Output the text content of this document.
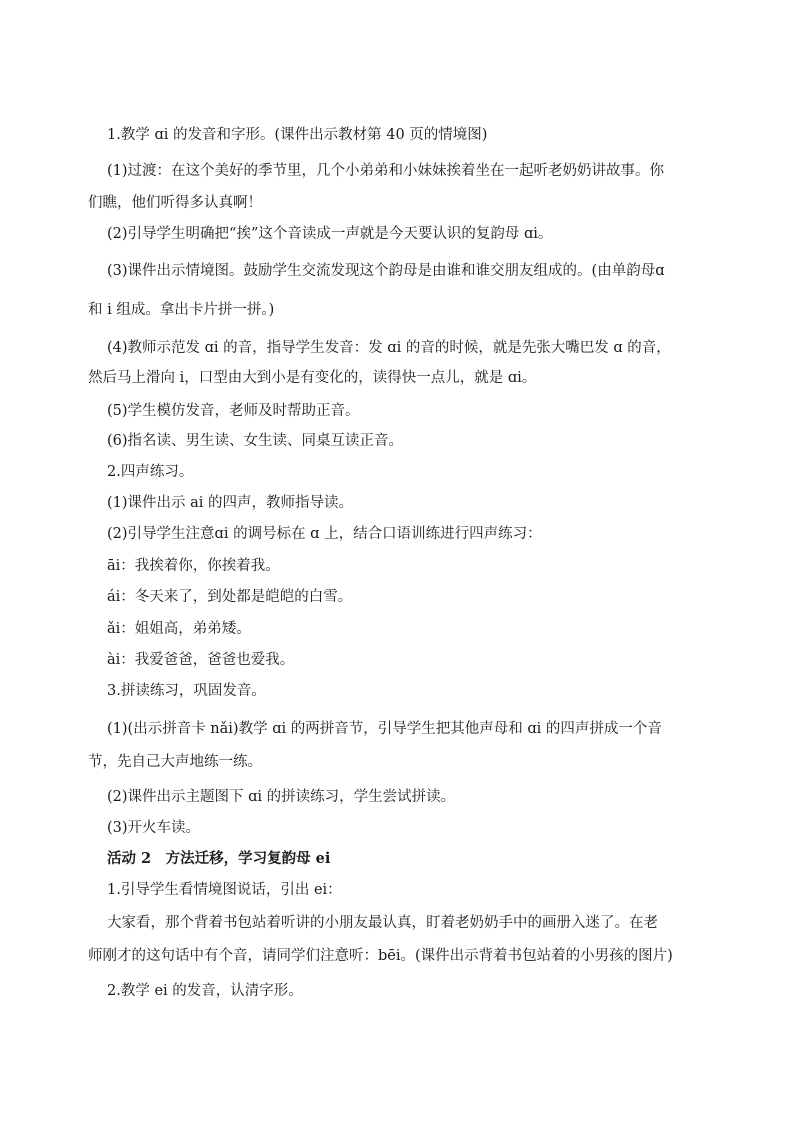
1.教学 ɑi 的发音和字形。(课件出示教材第 40 页的情境图)

(1)过渡：在这个美好的季节里，几个小弟弟和小妹妹挨着坐在一起听老奶奶讲故事。你

们瞧，他们听得多认真啊！

(2)引导学生明确把“挨”这个音读成一声就是今天要认识的复韵母 ɑi。

(3)课件出示情境图。鼓励学生交流发现这个韵母是由谁和谁交朋友组成的。(由单韵母ɑ

和 i 组成。拿出卡片拼一拼。)

(4)教师示范发 ɑi 的音，指导学生发音：发 ɑi 的音的时候，就是先张大嘴巴发 ɑ 的音，

然后马上滑向 i，口型由大到小是有变化的，读得快一点儿，就是 ɑi。

(5)学生模仿发音，老师及时帮助正音。

(6)指名读、男生读、女生读、同桌互读正音。

2.四声练习。

(1)课件出示 ai 的四声，教师指导读。

(2)引导学生注意ɑi 的调号标在 ɑ 上，结合口语训练进行四声练习：

āi：我挨着你，你挨着我。

ái：冬天来了，到处都是皑皑的白雪。

ǎi：姐姐高，弟弟矮。

ài：我爱爸爸，爸爸也爱我。

3.拼读练习，巩固发音。

(1)(出示拼音卡 nǎi)教学 ɑi 的两拼音节，引导学生把其他声母和 ɑi 的四声拼成一个音

节，先自己大声地练一练。

(2)课件出示主题图下 ɑi 的拼读练习，学生尝试拼读。

(3)开火车读。

活动 2　方法迁移，学习复韵母 ei

1.引导学生看情境图说话，引出 ei：

大家看，那个背着书包站着听讲的小朋友最认真，盯着老奶奶手中的画册入迷了。在老

师刚才的这句话中有个音，请同学们注意听：bēi。(课件出示背着书包站着的小男孩的图片)

2.教学 ei 的发音，认清字形。
